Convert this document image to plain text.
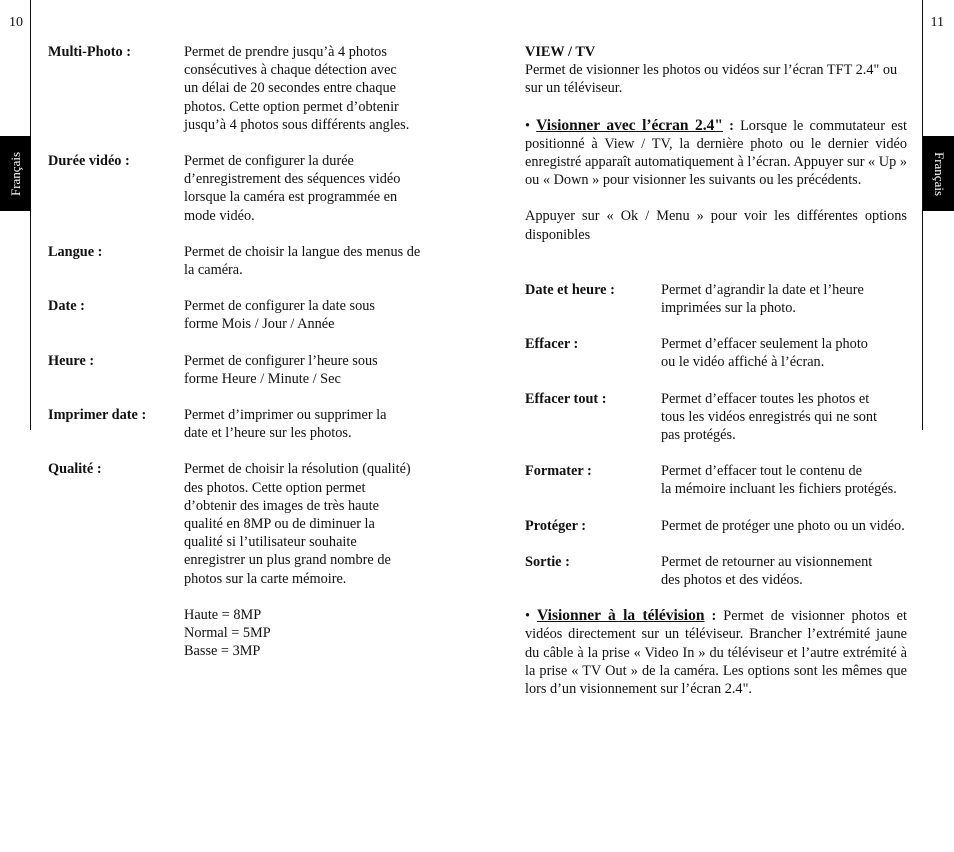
10	11
Français	Français
Multi-Photo :	Permet de prendre jusqu’à 4 photos

consécutives à chaque détection avec

un délai de 20 secondes entre chaque

photos. Cette option permet d’obtenir

jusqu’à 4 photos sous différents angles.

Durée vidéo :	Permet de configurer la durée

d’enregistrement des séquences vidéo

lorsque la caméra est programmée en

mode vidéo.

Langue :	Permet de choisir la langue des menus de

la caméra.

Date :	Permet de configurer la date sous

forme Mois / Jour / Année

Heure :	Permet de configurer l’heure sous

forme Heure / Minute / Sec

Imprimer date :	Permet d’imprimer ou supprimer la

date et l’heure sur les photos.

Qualité :	Permet de choisir la résolution (qualité)

des photos. Cette option permet

d’obtenir des images de très haute

qualité en 8MP ou de diminuer la

qualité si l’utilisateur souhaite

enregistrer un plus grand nombre de

photos sur la carte mémoire.

Haute = 8MP

Normal = 5MP

Basse = 3MP

VIEW / TV

Permet de visionner les photos ou vidéos sur l’écran TFT 2.4" ou sur un téléviseur.

• Visionner avec l’écran 2.4" : Lorsque le commutateur est positionné à View / TV, la dernière photo ou le dernier vidéo enregistré apparaît automatiquement à l’écran. Appuyer sur « Up » ou « Down » pour visionner les suivants ou les précédents.

Appuyer sur « Ok / Menu » pour voir les différentes options disponibles

Date et heure :	Permet d’agrandir la date et l’heure

imprimées sur la photo.

Effacer :	Permet d’effacer seulement la photo

ou le vidéo affiché à l’écran.

Effacer tout :	Permet d’effacer toutes les photos et

tous les vidéos enregistrés qui ne sont

pas protégés.

Formater :	Permet d’effacer tout le contenu de

la mémoire incluant les fichiers protégés.

Protéger :	Permet de protéger une photo ou un vidéo.

Sortie :	Permet de retourner au visionnement

des photos et des vidéos.

• Visionner à la télévision : Permet de visionner photos et vidéos directement sur un téléviseur. Brancher l’extrémité jaune du câble à la prise « Video In » du téléviseur et l’autre extrémité à la prise « TV Out » de la caméra. Les options sont les mêmes que lors d’un visionnement sur l’écran 2.4".
